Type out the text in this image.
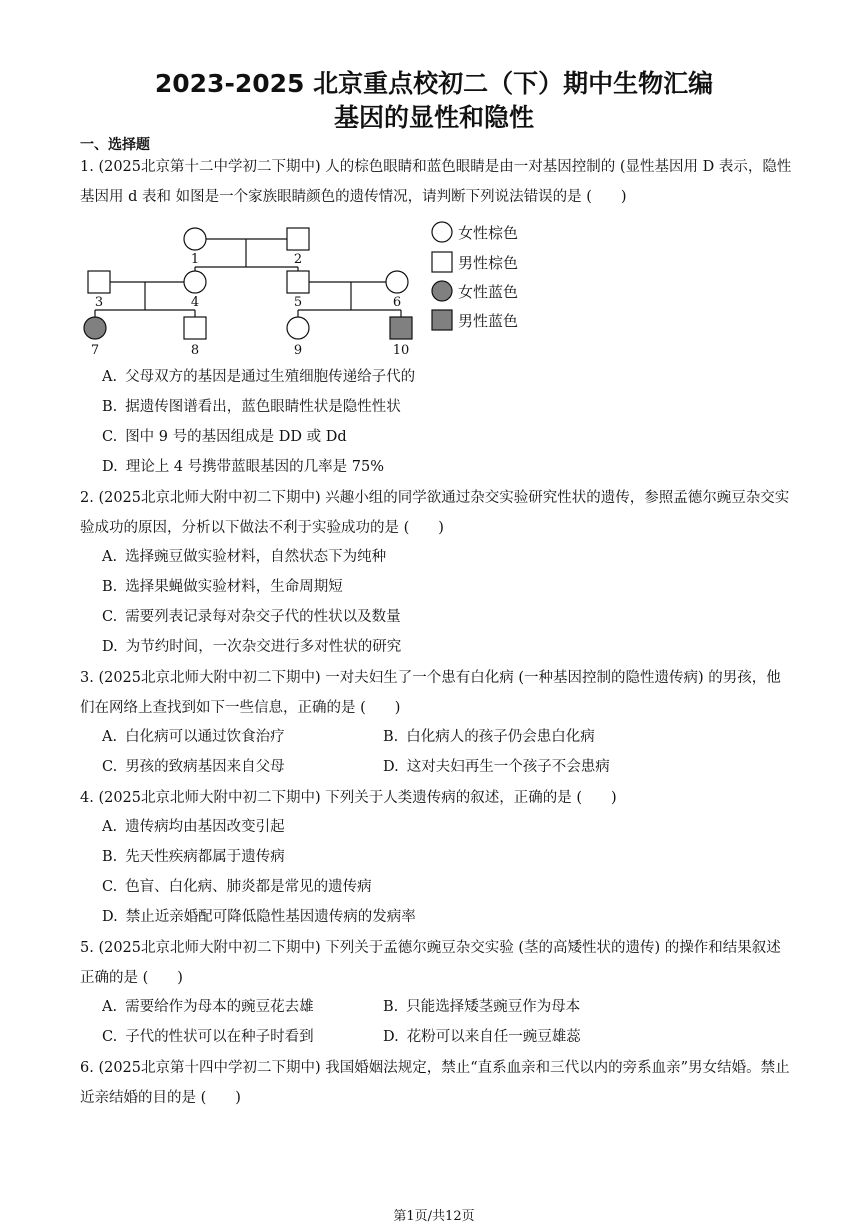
2023-2025 北京重点校初二（下）期中生物汇编
基因的显性和隐性
一、选择题
1. (2025北京第十二中学初二下期中) 人的棕色眼睛和蓝色眼睛是由一对基因控制的 (显性基因用 D 表示，隐性基因用 d 表和 如图是一个家族眼睛颜色的遗传情况，请判断下列说法错误的是 (　　)
1	2
3	4	5	6
7	8	9	10
女性棕色
男性棕色
女性蓝色
男性蓝色
A. 父母双方的基因是通过生殖细胞传递给子代的
B. 据遗传图谱看出，蓝色眼睛性状是隐性性状
C. 图中 9 号的基因组成是 DD 或 Dd
D. 理论上 4 号携带蓝眼基因的几率是 75%
2. (2025北京北师大附中初二下期中) 兴趣小组的同学欲通过杂交实验研究性状的遗传，参照孟德尔豌豆杂交实验成功的原因，分析以下做法不利于实验成功的是 (　　)
A. 选择豌豆做实验材料，自然状态下为纯种
B. 选择果蝇做实验材料，生命周期短
C. 需要列表记录每对杂交子代的性状以及数量
D. 为节约时间，一次杂交进行多对性状的研究
3. (2025北京北师大附中初二下期中) 一对夫妇生了一个患有白化病 (一种基因控制的隐性遗传病) 的男孩，他们在网络上查找到如下一些信息，正确的是 (　　)
A. 白化病可以通过饮食治疗	B. 白化病人的孩子仍会患白化病
C. 男孩的致病基因来自父母	D. 这对夫妇再生一个孩子不会患病
4. (2025北京北师大附中初二下期中) 下列关于人类遗传病的叙述，正确的是 (　　)
A. 遗传病均由基因改变引起
B. 先天性疾病都属于遗传病
C. 色盲、白化病、肺炎都是常见的遗传病
D. 禁止近亲婚配可降低隐性基因遗传病的发病率
5. (2025北京北师大附中初二下期中) 下列关于孟德尔豌豆杂交实验 (茎的高矮性状的遗传) 的操作和结果叙述正确的是 (　　)
A. 需要给作为母本的豌豆花去雄	B. 只能选择矮茎豌豆作为母本
C. 子代的性状可以在种子时看到	D. 花粉可以来自任一豌豆雄蕊
6. (2025北京第十四中学初二下期中) 我国婚姻法规定，禁止“直系血亲和三代以内的旁系血亲”男女结婚。禁止近亲结婚的目的是 (　　)
第1页/共12页
